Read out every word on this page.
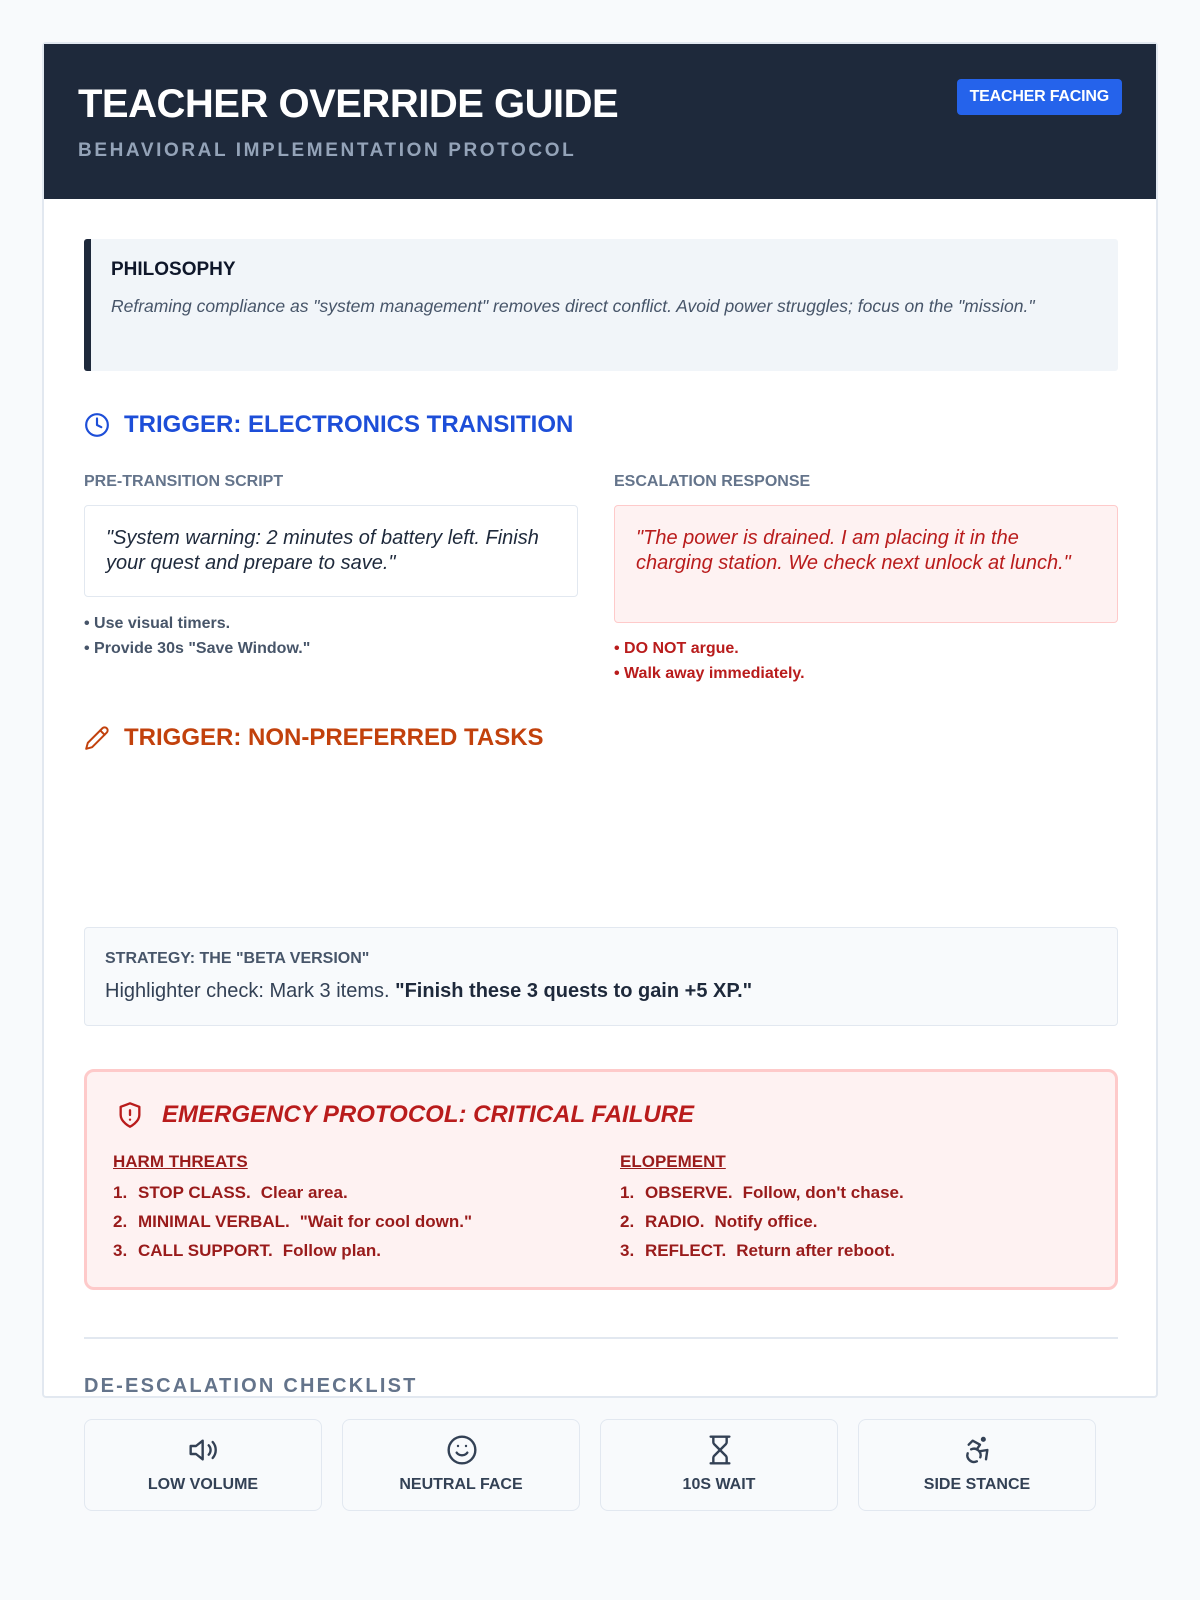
TEACHER OVERRIDE GUIDE
BEHAVIORAL IMPLEMENTATION PROTOCOL
TEACHER FACING
PHILOSOPHY

Reframing compliance as "system management" removes direct conflict. Avoid power struggles; focus on the "mission."

TRIGGER: ELECTRONICS TRANSITION
PRE-TRANSITION SCRIPT
"System warning: 2 minutes of battery left. Finish your quest and prepare to save."
• Use visual timers.
• Provide 30s "Save Window."
ESCALATION RESPONSE
"The power is drained. I am placing it in the charging station. We check next unlock at lunch."
• DO NOT argue.
• Walk away immediately.
TRIGGER: NON-PREFERRED TASKS
STRATEGY: THE "BETA VERSION"
Highlighter check: Mark 3 items. "Finish these 3 quests to gain +5 XP."
EMERGENCY PROTOCOL: CRITICAL FAILURE
HARM THREATS
1. STOP CLASS. Clear area.
2. MINIMAL VERBAL. "Wait for cool down."
3. CALL SUPPORT. Follow plan.
ELOPEMENT
1. OBSERVE. Follow, don't chase.
2. RADIO. Notify office.
3. REFLECT. Return after reboot.
DE-ESCALATION CHECKLIST
LOW VOLUME	NEUTRAL FACE	10S WAIT	SIDE STANCE
